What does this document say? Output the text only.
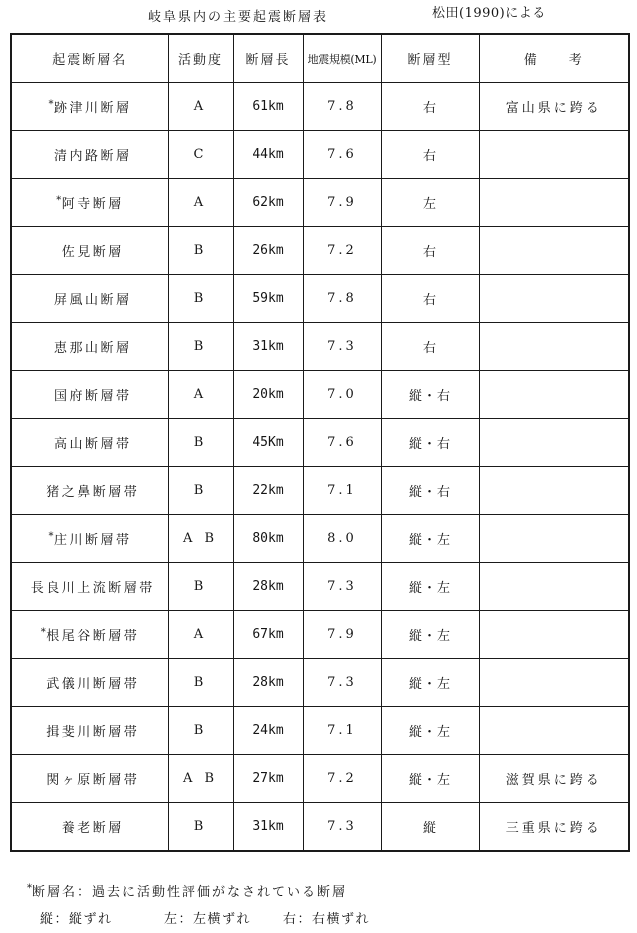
岐阜県内の主要起震断層表	松田(1990)による
起震断層名	活動度	断層長	地震規模(ML)	断層型	備　　考
*跡津川断層	A	61km	7.8	右	富山県に跨る
清内路断層	C	44km	7.6	右	
*阿寺断層	A	62km	7.9	左	
佐見断層	B	26km	7.2	右	
屏風山断層	B	59km	7.8	右	
恵那山断層	B	31km	7.3	右	
国府断層帯	A	20km	7.0	縦・右	
高山断層帯	B	45Km	7.6	縦・右	
猪之鼻断層帯	B	22km	7.1	縦・右	
*庄川断層帯	A B	80km	8.0	縦・左	
長良川上流断層帯	B	28km	7.3	縦・左	
*根尾谷断層帯	A	67km	7.9	縦・左	
武儀川断層帯	B	28km	7.3	縦・左	
揖斐川断層帯	B	24km	7.1	縦・左	
関ヶ原断層帯	A B	27km	7.2	縦・左	滋賀県に跨る
養老断層	B	31km	7.3	縦	三重県に跨る
*断層名：過去に活動性評価がなされている断層
縦：縦ずれ	左：左横ずれ 右：右横ずれ
